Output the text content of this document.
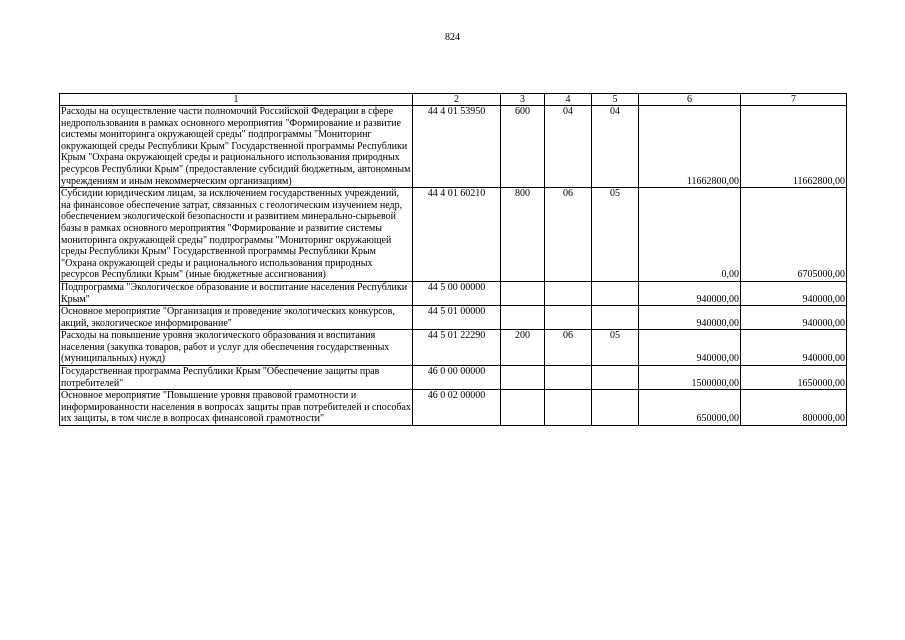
824
1	2	3	4	5	6	7
Расходы на осуществление части полномочий Российской Федерации в сфере недропользования в рамках основного мероприятия "Формирование и развитие системы мониторинга окружающей среды" подпрограммы "Мониторинг окружающей среды Республики Крым" Государственной программы Республики Крым "Охрана окружающей среды и рационального использования природных ресурсов Республики Крым" (предоставление субсидий бюджетным, автономным учреждениям и иным некоммерческим организациям)	44 4 01 53950	600	04	04	11662800,00	11662800,00
Субсидии юридическим лицам, за исключением государственных учреждений, на финансовое обеспечение затрат, связанных с геологическим изучением недр, обеспечением экологической безопасности и развитием минерально-сырьевой базы в рамках основного мероприятия "Формирование и развитие системы мониторинга окружающей среды" подпрограммы "Мониторинг окружающей среды Республики Крым" Государственной программы Республики Крым "Охрана окружающей среды и рационального использования природных ресурсов Республики Крым" (иные бюджетные ассигнования)	44 4 01 60210	800	06	05	0,00	6705000,00
Подпрограмма "Экологическое образование и воспитание населения Республики Крым"	44 5 00 00000				940000,00	940000,00
Основное мероприятие "Организация и проведение экологических конкурсов, акций, экологическое информирование"	44 5 01 00000				940000,00	940000,00
Расходы на повышение уровня экологического образования и воспитания населения (закупка товаров, работ и услуг для обеспечения государственных (муниципальных) нужд)	44 5 01 22290	200	06	05	940000,00	940000,00
Государственная программа Республики Крым "Обеспечение защиты прав потребителей"	46 0 00 00000				1500000,00	1650000,00
Основное мероприятие "Повышение уровня правовой грамотности и информированности населения в вопросах защиты прав потребителей и способах их защиты, в том числе в вопросах финансовой грамотности"	46 0 02 00000				650000,00	800000,00
